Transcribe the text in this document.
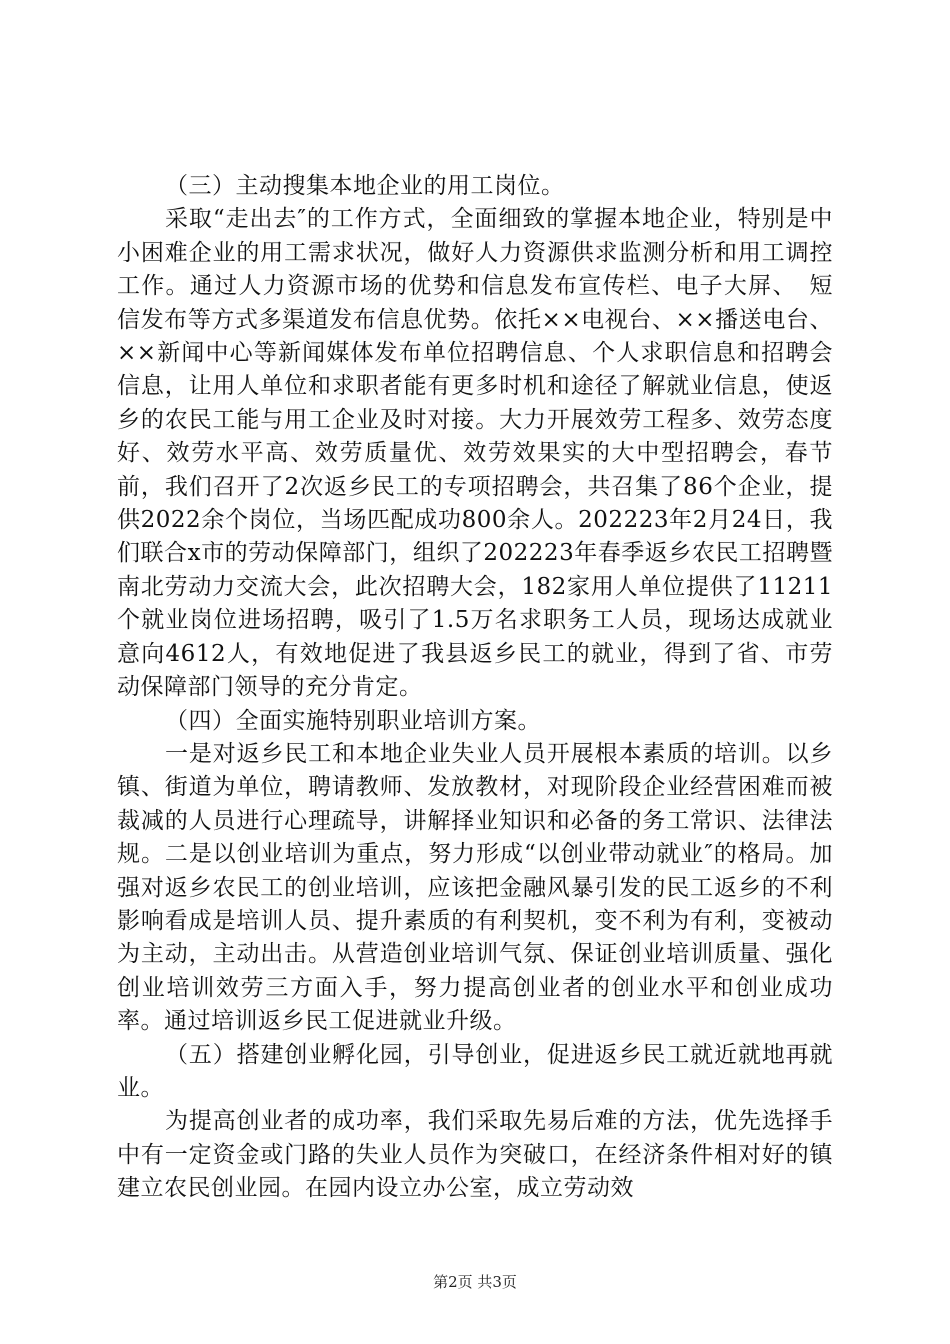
（三）主动搜集本地企业的用工岗位。

采取“走出去″的工作方式，全面细致的掌握本地企业，特别是中小困难企业的用工需求状况，做好人力资源供求监测分析和用工调控工作。通过人力资源市场的优势和信息发布宣传栏、电子大屏、　短信发布等方式多渠道发布信息优势。依托××电视台、××播送电台、××新闻中心等新闻媒体发布单位招聘信息、个人求职信息和招聘会信息，让用人单位和求职者能有更多时机和途径了解就业信息，使返乡的农民工能与用工企业及时对接。大力开展效劳工程多、效劳态度好、效劳水平高、效劳质量优、效劳效果实的大中型招聘会，春节前，我们召开了2次返乡民工的专项招聘会，共召集了86个企业，提供2022余个岗位，当场匹配成功800余人。202223年2月24日，我们联合x市的劳动保障部门，组织了202223年春季返乡农民工招聘暨南北劳动力交流大会，此次招聘大会，182家用人单位提供了11211个就业岗位进场招聘，吸引了1.5万名求职务工人员，现场达成就业意向4612人，有效地促进了我县返乡民工的就业，得到了省、市劳动保障部门领导的充分肯定。

（四）全面实施特别职业培训方案。

一是对返乡民工和本地企业失业人员开展根本素质的培训。以乡镇、街道为单位，聘请教师、发放教材，对现阶段企业经营困难而被裁减的人员进行心理疏导，讲解择业知识和必备的务工常识、法律法规。二是以创业培训为重点，努力形成“以创业带动就业″的格局。加强对返乡农民工的创业培训，应该把金融风暴引发的民工返乡的不利影响看成是培训人员、提升素质的有利契机，变不利为有利，变被动为主动，主动出击。从营造创业培训气氛、保证创业培训质量、强化创业培训效劳三方面入手，努力提高创业者的创业水平和创业成功率。通过培训返乡民工促进就业升级。

（五）搭建创业孵化园，引导创业，促进返乡民工就近就地再就业。

为提高创业者的成功率，我们采取先易后难的方法，优先选择手中有一定资金或门路的失业人员作为突破口，在经济条件相对好的镇建立农民创业园。在园内设立办公室，成立劳动效

第2页 共3页
